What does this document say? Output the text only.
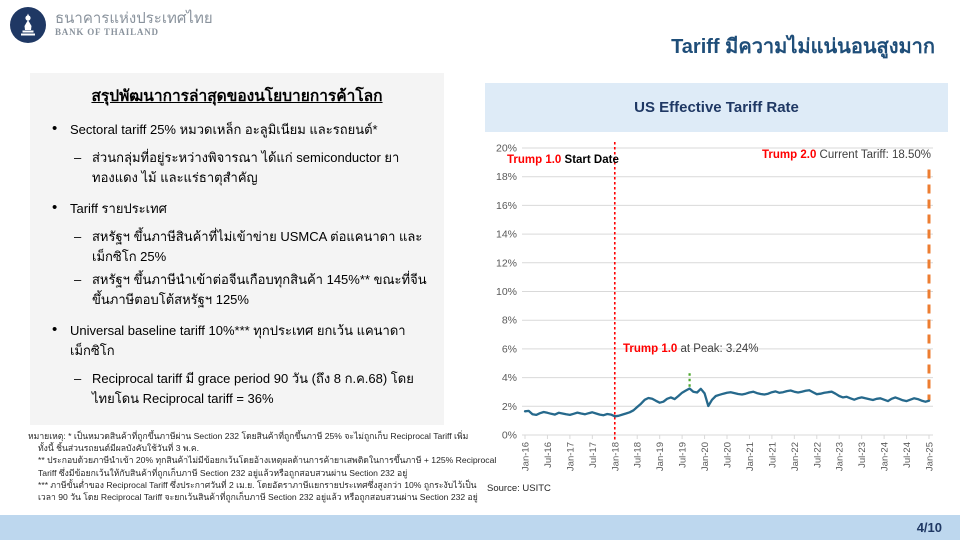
ธนาคารแห่งประเทศไทย
BANK OF THAILAND
Tariff มีความไม่แน่นอนสูงมาก
สรุปพัฒนาการล่าสุดของนโยบายการค้าโลก
• Sectoral tariff 25% หมวดเหล็ก อะลูมิเนียม และรถยนต์*
– ส่วนกลุ่มที่อยู่ระหว่างพิจารณา ได้แก่ semiconductor ยา ทองแดง ไม้ และแร่ธาตุสำคัญ
• Tariff รายประเทศ
– สหรัฐฯ ขึ้นภาษีสินค้าที่ไม่เข้าข่าย USMCA ต่อแคนาดา และเม็กซิโก 25%
– สหรัฐฯ ขึ้นภาษีนำเข้าต่อจีนเกือบทุกสินค้า 145%** ขณะที่จีนขึ้นภาษีตอบโต้สหรัฐฯ 125%
• Universal baseline tariff 10%*** ทุกประเทศ ยกเว้น แคนาดา เม็กซิโก
– Reciprocal tariff มี grace period 90 วัน (ถึง 8 ก.ค.68) โดยไทยโดน Reciprocal tariff = 36%
หมายเหตุ: * เป็นหมวดสินค้าที่ถูกขึ้นภาษีผ่าน Section 232 โดยสินค้าที่ถูกขึ้นภาษี 25% จะไม่ถูกเก็บ Reciprocal Tariff เพิ่ม
ทั้งนี้ ชิ้นส่วนรถยนต์มีผลบังคับใช้วันที่ 3 พ.ค.
** ประกอบด้วยภาษีนำเข้า 20% ทุกสินค้าไม่มีข้อยกเว้นโดยอ้างเหตุผลด้านการค้ายาเสพติดในการขึ้นภาษี + 125% Reciprocal
Tariff ซึ่งมีข้อยกเว้นให้กับสินค้าที่ถูกเก็บภาษี Section 232 อยู่แล้วหรือถูกสอบสวนผ่าน Section 232 อยู่
*** ภาษีขั้นต่ำของ Reciprocal Tariff ซึ่งประกาศวันที่ 2 เม.ย. โดยอัตราภาษีแยกรายประเทศซึ่งสูงกว่า 10% ถูกระงับไว้เป็น
เวลา 90 วัน โดย Reciprocal Tariff จะยกเว้นสินค้าที่ถูกเก็บภาษี Section 232 อยู่แล้ว หรือถูกสอบสวนผ่าน Section 232 อยู่
US Effective Tariff Rate
0%
2%
4%
6%
8%
10%
12%
14%
16%
18%
20%
Jan-16 Jul-16 Jan-17 Jul-17 Jan-18 Jul-18 Jan-19 Jul-19 Jan-20 Jul-20 Jan-21 Jul-21 Jan-22 Jul-22 Jan-23 Jul-23 Jan-24 Jul-24 Jan-25
Trump 1.0 Start Date	Trump 2.0 Current Tariff: 18.50%
Trump 1.0 at Peak: 3.24%
Source: USITC
4/10
